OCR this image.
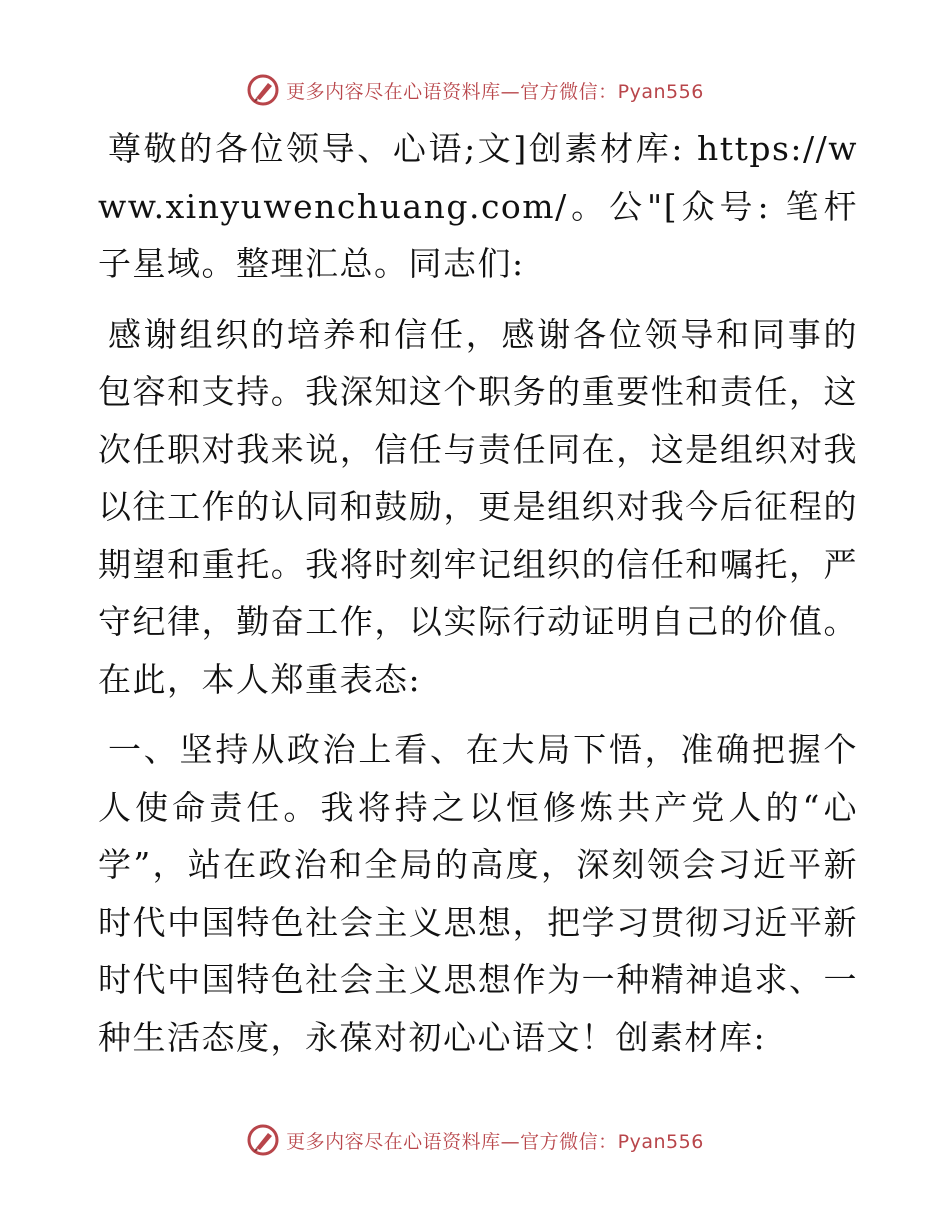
更多内容尽在心语资料库—官方微信：Pyan556

尊敬的各位领导、心语;文]创素材库: https://www.xinyuwenchuang.com/。公"[众号: 笔杆子星域。整理汇总。同志们:

感谢组织的培养和信任，感谢各位领导和同事的包容和支持。我深知这个职务的重要性和责任，这次任职对我来说，信任与责任同在，这是组织对我以往工作的认同和鼓励，更是组织对我今后征程的期望和重托。我将时刻牢记组织的信任和嘱托，严守纪律，勤奋工作，以实际行动证明自己的价值。在此，本人郑重表态:

一、坚持从政治上看、在大局下悟，准确把握个人使命责任。我将持之以恒修炼共产党人的“心学”，站在政治和全局的高度，深刻领会习近平新时代中国特色社会主义思想，把学习贯彻习近平新时代中国特色社会主义思想作为一种精神追求、一种生活态度，永葆对初心心语文！创素材库:

更多内容尽在心语资料库—官方微信：Pyan556
